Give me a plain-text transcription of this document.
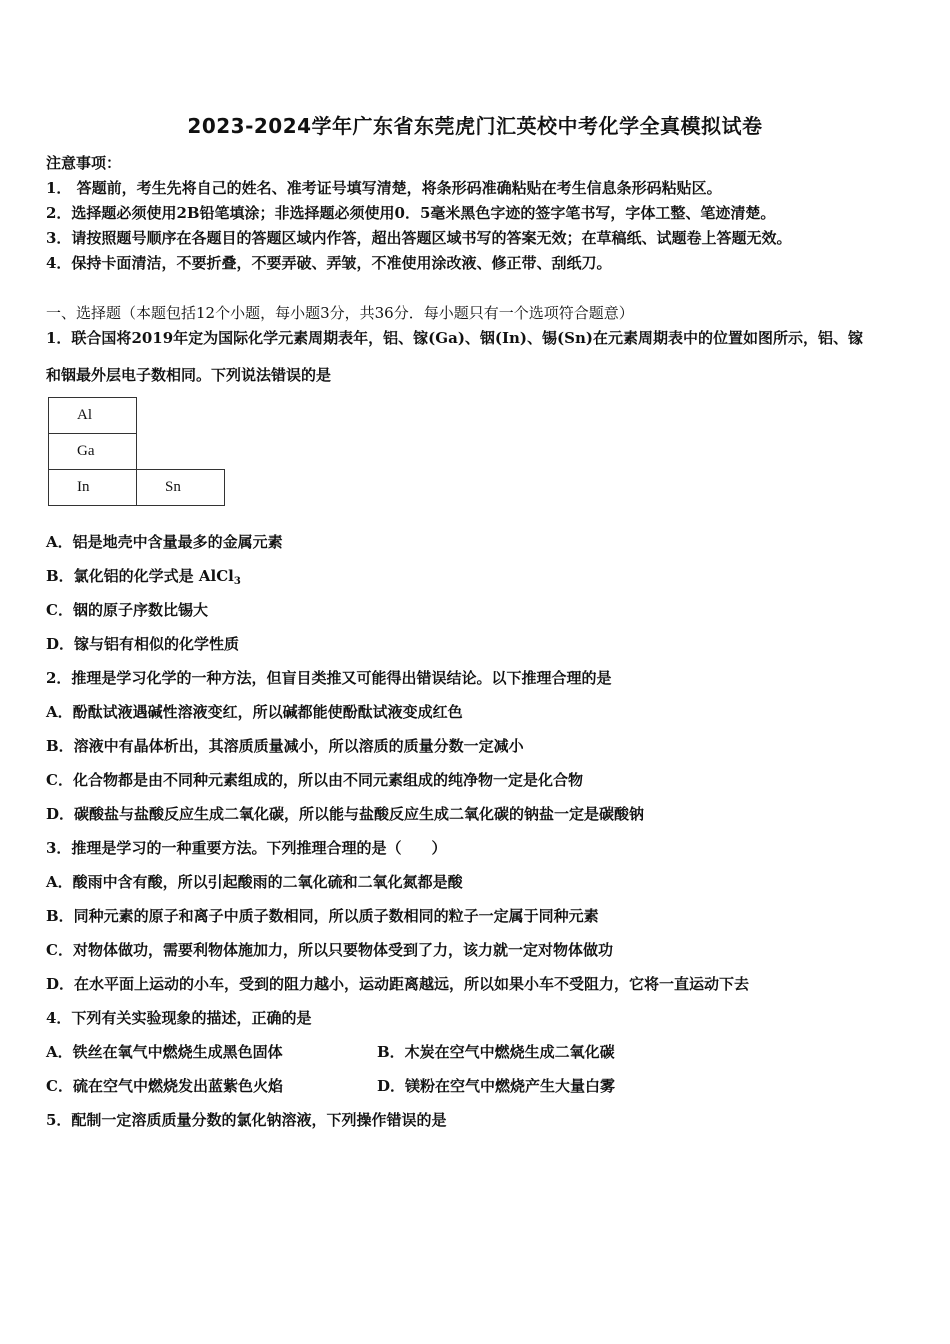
2023-2024学年广东省东莞虎门汇英校中考化学全真模拟试卷
注意事项：
1． 答题前，考生先将自己的姓名、准考证号填写清楚，将条形码准确粘贴在考生信息条形码粘贴区。
2．选择题必须使用2B铅笔填涂；非选择题必须使用0．5毫米黑色字迹的签字笔书写，字体工整、笔迹清楚。
3．请按照题号顺序在各题目的答题区域内作答，超出答题区域书写的答案无效；在草稿纸、试题卷上答题无效。
4．保持卡面清洁，不要折叠，不要弄破、弄皱，不准使用涂改液、修正带、刮纸刀。
一、选择题（本题包括12个小题，每小题3分，共36分．每小题只有一个选项符合题意）
1．联合国将2019年定为国际化学元素周期表年，铝、镓(Ga)、铟(In)、锡(Sn)在元素周期表中的位置如图所示，铝、镓
和铟最外层电子数相同。下列说法错误的是
Al	
Ga	
In	Sn
A．铝是地壳中含量最多的金属元素
B．氯化铝的化学式是 AlCl$_3$
C．铟的原子序数比锡大
D．镓与铝有相似的化学性质
2．推理是学习化学的一种方法，但盲目类推又可能得出错误结论。以下推理合理的是
A．酚酞试液遇碱性溶液变红，所以碱都能使酚酞试液变成红色
B．溶液中有晶体析出，其溶质质量减小，所以溶质的质量分数一定减小
C．化合物都是由不同种元素组成的，所以由不同元素组成的纯净物一定是化合物
D．碳酸盐与盐酸反应生成二氧化碳，所以能与盐酸反应生成二氧化碳的钠盐一定是碳酸钠
3．推理是学习的一种重要方法。下列推理合理的是（　　）
A．酸雨中含有酸，所以引起酸雨的二氧化硫和二氧化氮都是酸
B．同种元素的原子和离子中质子数相同，所以质子数相同的粒子一定属于同种元素
C．对物体做功，需要利物体施加力，所以只要物体受到了力，该力就一定对物体做功
D．在水平面上运动的小车，受到的阻力越小，运动距离越远，所以如果小车不受阻力，它将一直运动下去
4．下列有关实验现象的描述，正确的是
A．铁丝在氧气中燃烧生成黑色固体	B．木炭在空气中燃烧生成二氧化碳
C．硫在空气中燃烧发出蓝紫色火焰	D．镁粉在空气中燃烧产生大量白雾
5．配制一定溶质质量分数的氯化钠溶液，下列操作错误的是
